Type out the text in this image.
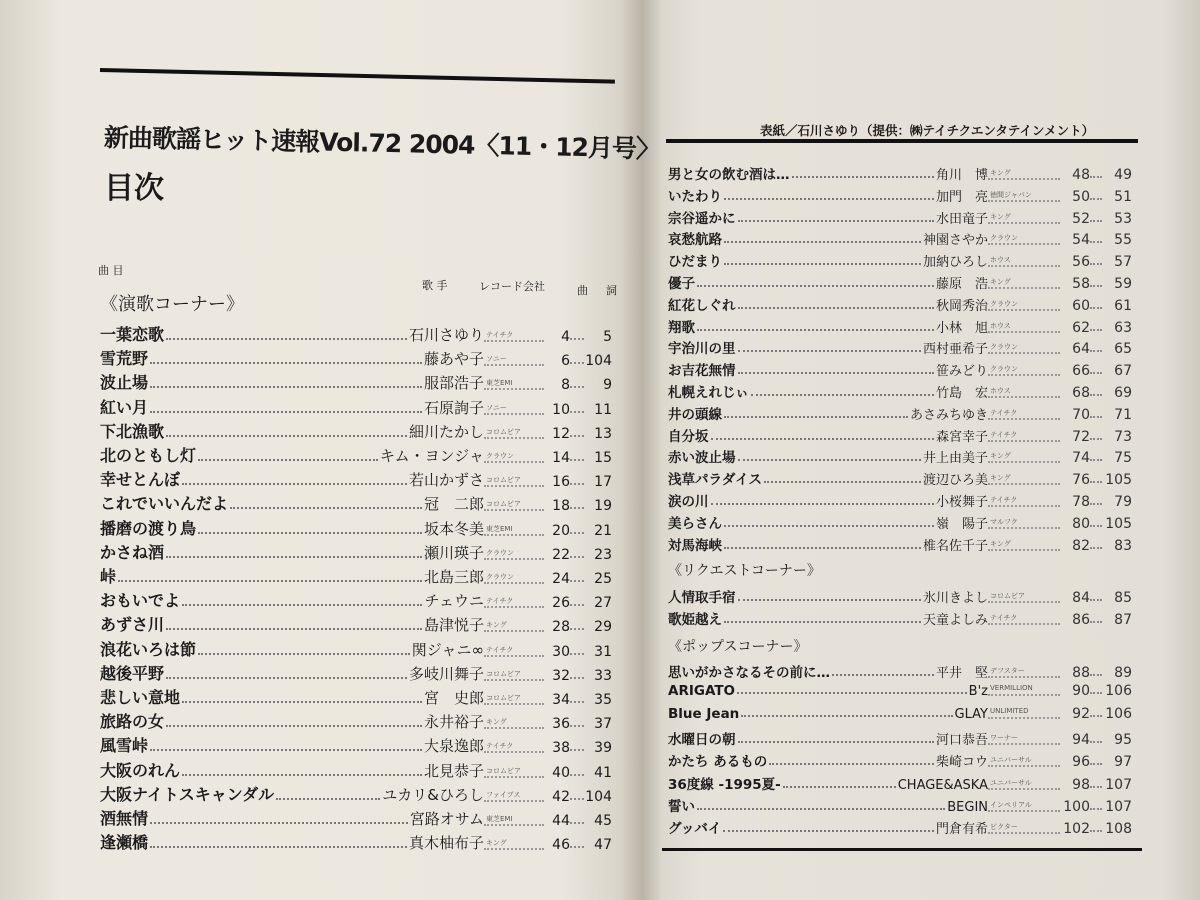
新曲歌謡ヒット速報Vol.72 2004〈11・12月号〉
目次
曲 目
歌 手	レコード会社	曲 詞
《演歌コーナー》
一葉恋歌	石川さゆり テイチク	4	5
雪荒野	藤あや子 ソニー	6 104
波止場	服部浩子 東芝EMI	8	9
紅い月	石原詢子 ソニー	10	11
下北漁歌	細川たかし コロムビア	12	13
北のともし灯	キム・ヨンジャ クラウン	14	15
幸せとんぼ	若山かずさ コロムビア	16	17
これでいいんだよ	冠　二郎 コロムビア	18	19
播磨の渡り鳥	坂本冬美 東芝EMI	20	21
かさね酒	瀬川瑛子 クラウン	22	23
峠	北島三郎 クラウン	24	25
おもいでよ	チェウニ テイチク	26	27
あずさ川	島津悦子 キング	28	29
浪花いろは節	関ジャニ∞ テイチク	30	31
越後平野	多岐川舞子 コロムビア	32	33
悲しい意地	宮　史郎 コロムビア	34	35
旅路の女	永井裕子 キング	36	37
風雪峠	大泉逸郎 テイチク	38	39
大阪のれん	北見恭子 コロムビア	40	41
大阪ナイトスキャンダル	ユカリ&ひろし ファイブス	42 104
酒無情	宮路オサム 東芝EMI	44	45
逢瀬橋	真木柚布子 キング	46	47
表紙／石川さゆり（提供：㈱テイチクエンタテインメント）
《リクエストコーナー》
《ポップスコーナー》
男と女の飲む酒は…	角川　博 キング	48	49
いたわり	加門　亮 徳間ジャパン	50	51
宗谷遥かに	水田竜子 キング	52	53
哀愁航路	神園さやか クラウン	54	55
ひだまり	加納ひろし ホウス	56	57
優子	藤原　浩 キング	58	59
紅花しぐれ	秋岡秀治 クラウン	60	61
翔歌	小林　旭 ホウス	62	63
宇治川の里	西村亜希子 クラウン	64	65
お吉花無情	笹みどり クラウン	66	67
札幌えれじぃ	竹島　宏 ホウス	68	69
井の頭線	あさみちゆき テイチク	70	71
自分坂	森宮幸子 テイチク	72	73
赤い波止場	井上由美子 キング	74	75
浅草パラダイス	渡辺ひろ美 キング	76 105
涙の川	小桜舞子 テイチク	78	79
美らさん	嶺　陽子 マルフク	80 105
対馬海峡	椎名佐千子 キング	82	83
人情取手宿	氷川きよし コロムビア	84	85
歌姫越え	天童よしみ テイチク	86	87
思いがかさなるその前に…	平井　堅 デフスター	88	89
ARIGATO	B'z VERMILLION	90 106
Blue Jean	GLAY UNLIMITED	92 106
水曜日の朝	河口恭吾 ワーナー	94	95
かたち あるもの	柴崎コウ ユニバーサル	96	97
36度線 -1995夏-	CHAGE&ASKA ユニバーサル	98 107
誓い	BEGIN インペリアル	100 107
グッバイ	門倉有希 ビクター	102 108
